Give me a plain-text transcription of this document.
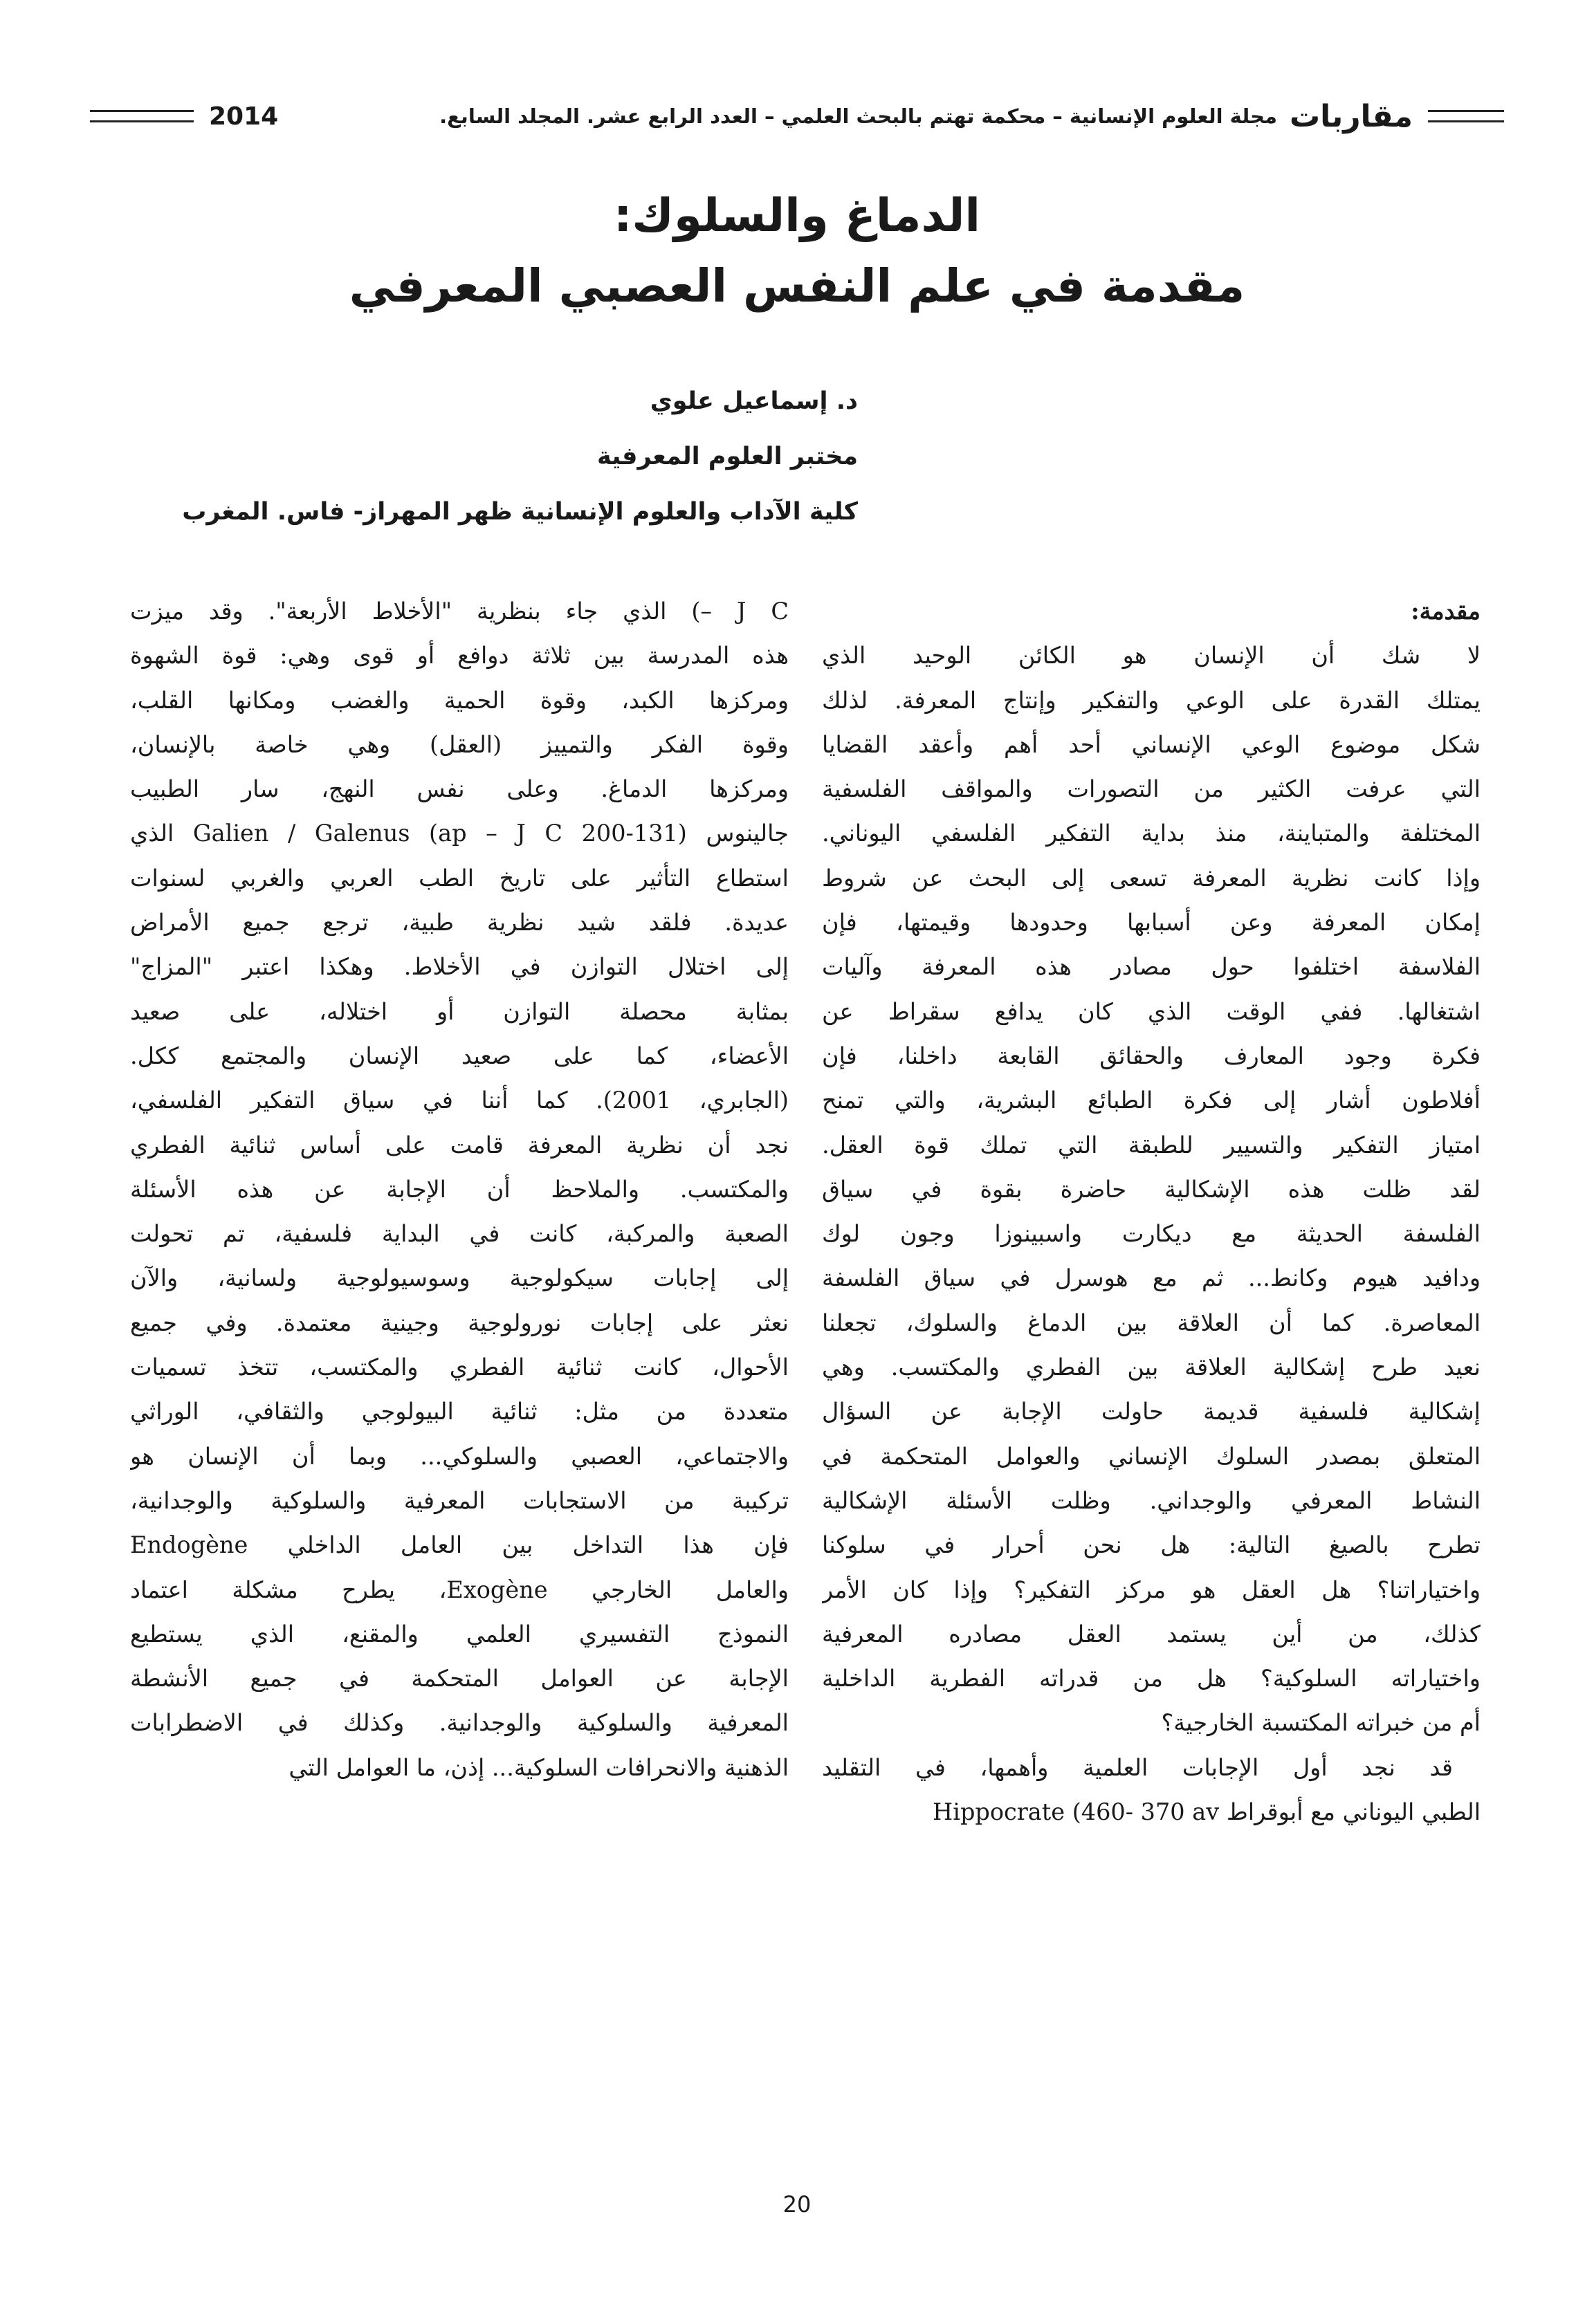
مقاربات
مجلة العلوم الإنسانية – محكمة تهتم بالبحث العلمي – العدد الرابع عشر. المجلد السابع.
2014
الدماغ والسلوك:
مقدمة في علم النفس العصبي المعرفي
د. إسماعيل علوي
مختبر العلوم المعرفية
كلية الآداب والعلوم الإنسانية ظهر المهراز- فاس. المغرب
مقدمة:
لا شك أن الإنسان هو الكائن الوحيد الذي
يمتلك القدرة على الوعي والتفكير وإنتاج المعرفة. لذلك
شكل موضوع الوعي الإنساني أحد أهم وأعقد القضايا
التي عرفت الكثير من التصورات والمواقف الفلسفية
المختلفة والمتباينة، منذ بداية التفكير الفلسفي اليوناني.
وإذا كانت نظرية المعرفة تسعى إلى البحث عن شروط
إمكان المعرفة وعن أسبابها وحدودها وقيمتها، فإن
الفلاسفة اختلفوا حول مصادر هذه المعرفة وآليات
اشتغالها. ففي الوقت الذي كان يدافع سقراط عن
فكرة وجود المعارف والحقائق القابعة داخلنا، فإن
أفلاطون أشار إلى فكرة الطبائع البشرية، والتي تمنح
امتياز التفكير والتسيير للطبقة التي تملك قوة العقل.
لقد ظلت هذه الإشكالية حاضرة بقوة في سياق
الفلسفة الحديثة مع ديكارت واسبينوزا وجون لوك
ودافيد هيوم وكانط... ثم مع هوسرل في سياق الفلسفة
المعاصرة. كما أن العلاقة بين الدماغ والسلوك، تجعلنا
نعيد طرح إشكالية العلاقة بين الفطري والمكتسب. وهي
إشكالية فلسفية قديمة حاولت الإجابة عن السؤال
المتعلق بمصدر السلوك الإنساني والعوامل المتحكمة في
النشاط المعرفي والوجداني. وظلت الأسئلة الإشكالية
تطرح بالصيغ التالية: هل نحن أحرار في سلوكنا
واختياراتنا؟ هل العقل هو مركز التفكير؟ وإذا كان الأمر
كذلك، من أين يستمد العقل مصادره المعرفية
واختياراته السلوكية؟ هل من قدراته الفطرية الداخلية
أم من خبراته المكتسبة الخارجية؟
قد نجد أول الإجابات العلمية وأهمها، في التقليد
الطبي اليوناني مع أبوقراط Hippocrate (460- 370 av
J C –) الذي جاء بنظرية "الأخلاط الأربعة". وقد ميزت
هذه المدرسة بين ثلاثة دوافع أو قوى وهي: قوة الشهوة
ومركزها الكبد، وقوة الحمية والغضب ومكانها القلب،
وقوة الفكر والتمييز (العقل) وهي خاصة بالإنسان،
ومركزها الدماغ. وعلى نفس النهج، سار الطبيب
جالينوس Galien / Galenus (ap – J C 200-131) الذي
استطاع التأثير على تاريخ الطب العربي والغربي لسنوات
عديدة. فلقد شيد نظرية طبية، ترجع جميع الأمراض
إلى اختلال التوازن في الأخلاط. وهكذا اعتبر "المزاج"
بمثابة محصلة التوازن أو اختلاله، على صعيد
الأعضاء، كما على صعيد الإنسان والمجتمع ككل.
(الجابري، 2001). كما أننا في سياق التفكير الفلسفي،
نجد أن نظرية المعرفة قامت على أساس ثنائية الفطري
والمكتسب. والملاحظ أن الإجابة عن هذه الأسئلة
الصعبة والمركبة، كانت في البداية فلسفية، تم تحولت
إلى إجابات سيكولوجية وسوسيولوجية ولسانية، والآن
نعثر على إجابات نورولوجية وجينية معتمدة. وفي جميع
الأحوال، كانت ثنائية الفطري والمكتسب، تتخذ تسميات
متعددة من مثل: ثنائية البيولوجي والثقافي، الوراثي
والاجتماعي، العصبي والسلوكي... وبما أن الإنسان هو
تركيبة من الاستجابات المعرفية والسلوكية والوجدانية،
فإن هذا التداخل بين العامل الداخلي Endogène
والعامل الخارجي Exogène، يطرح مشكلة اعتماد
النموذج التفسيري العلمي والمقنع، الذي يستطيع
الإجابة عن العوامل المتحكمة في جميع الأنشطة
المعرفية والسلوكية والوجدانية. وكذلك في الاضطرابات
الذهنية والانحرافات السلوكية... إذن، ما العوامل التي
20
